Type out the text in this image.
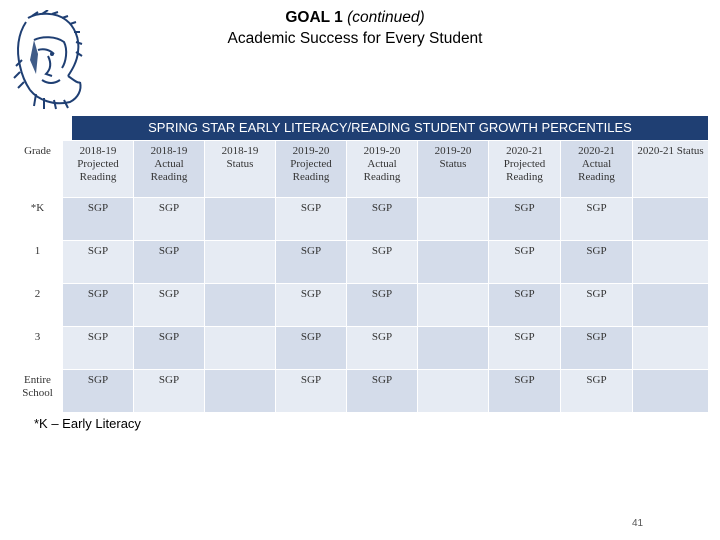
GOAL 1 (continued)
Academic Success for Every Student
SPRING STAR EARLY LITERACY/READING STUDENT GROWTH PERCENTILES
Grade	2018-19 Projected Reading	2018-19 Actual Reading	2018-19 Status	2019-20 Projected Reading	2019-20 Actual Reading	2019-20 Status	2020-21 Projected Reading	2020-21 Actual Reading	2020-21 Status
*K	SGP	SGP		SGP	SGP		SGP	SGP	
1	SGP	SGP		SGP	SGP		SGP	SGP	
2	SGP	SGP		SGP	SGP		SGP	SGP	
3	SGP	SGP		SGP	SGP		SGP	SGP	
Entire School	SGP	SGP		SGP	SGP		SGP	SGP	
*K – Early Literacy
41
